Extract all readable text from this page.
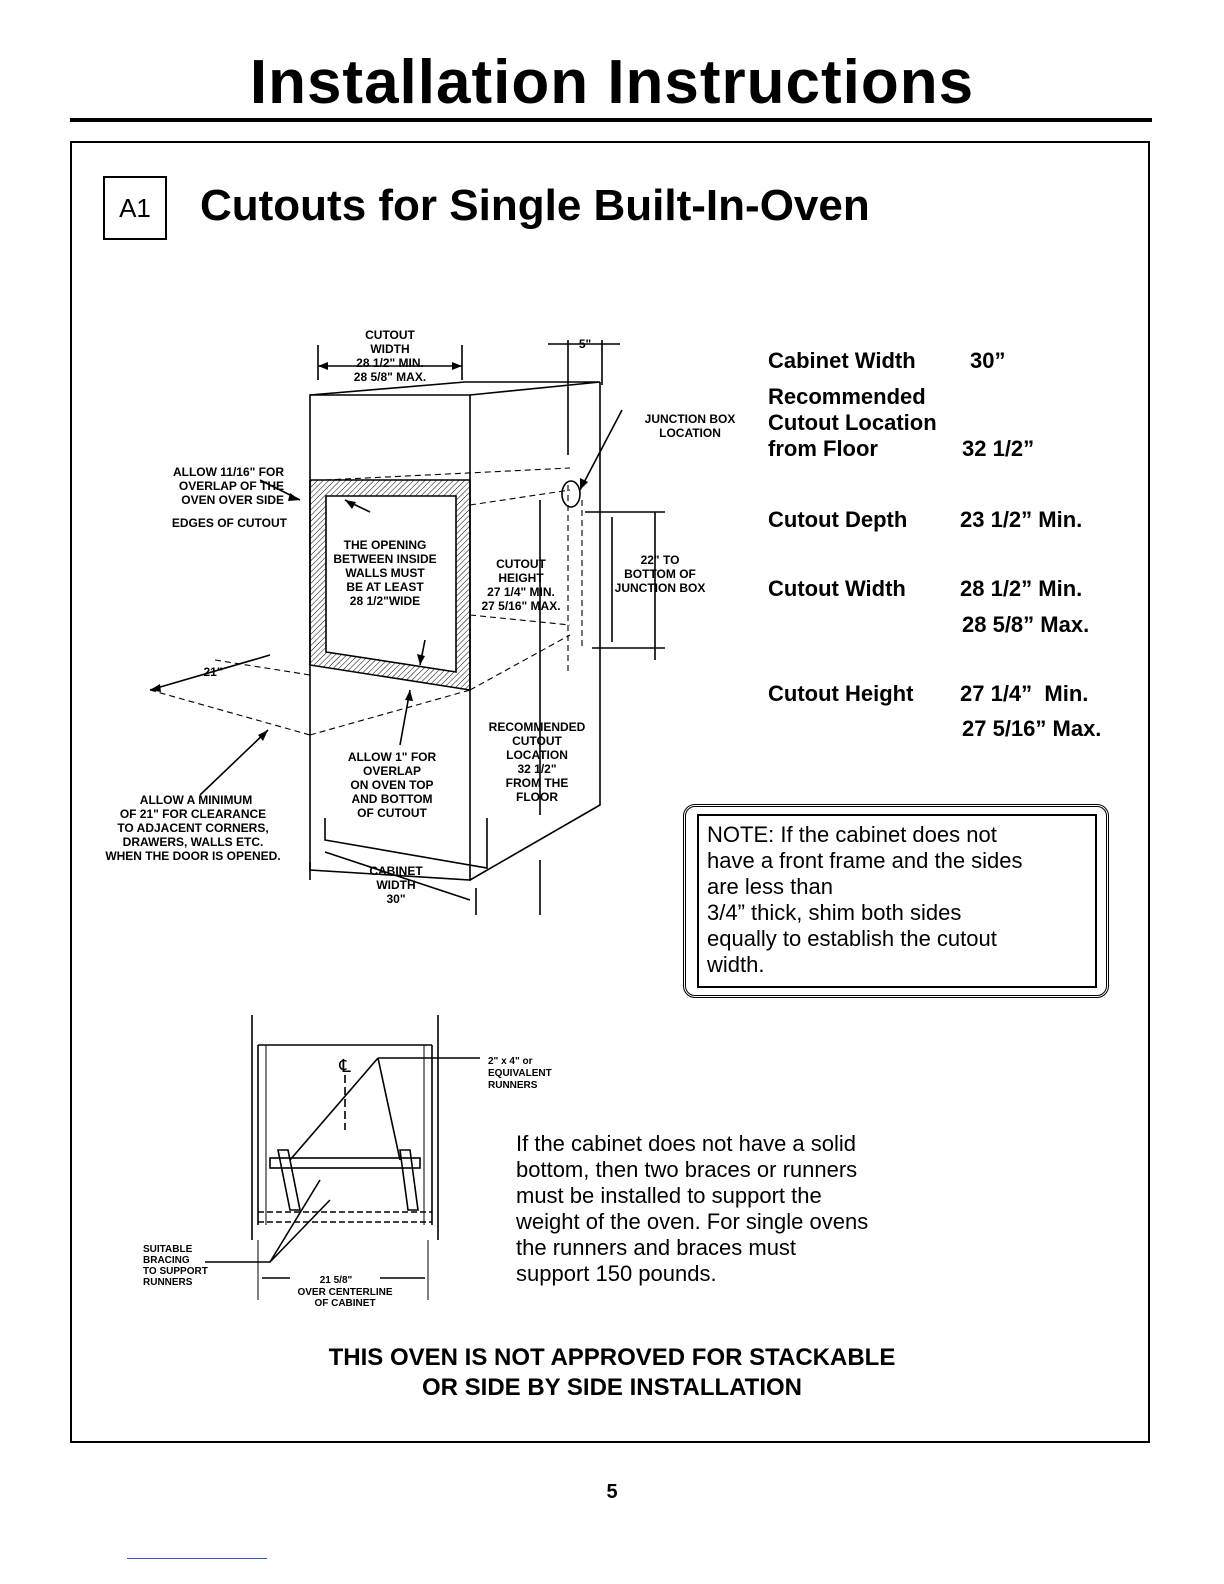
Installation Instructions
A1	Cutouts for Single Built-In-Oven
CUTOUT
WIDTH
28 1/2" MIN.
28 5/8" MAX.
5"
JUNCTION BOX
LOCATION
THE OPENING
BETWEEN INSIDE
WALLS MUST
BE AT LEAST
28 1/2"WIDE
CUTOUT
HEIGHT
27 1/4" MIN.
27 5/16" MAX.
22" TO
BOTTOM OF
JUNCTION BOX
21"
RECOMMENDED
CUTOUT
LOCATION
32 1/2"
FROM THE
FLOOR
ALLOW 1" FOR
OVERLAP
ON OVEN TOP
AND BOTTOM
OF CUTOUT
ALLOW A MINIMUM
OF 21" FOR CLEARANCE
TO ADJACENT CORNERS,
DRAWERS, WALLS ETC.
WHEN THE DOOR IS OPENED.
CABINET
WIDTH
30"
ALLOW 11/16" FOR
OVERLAP OF THE
OVEN OVER SIDE
EDGES OF CUTOUT
2" x 4" or
EQUIVALENT
RUNNERS
SUITABLE
BRACING
TO SUPPORT
RUNNERS	21 5/8"
OVER CENTERLINE
OF CABINET
℄
Cabinet Width 30”
Recommended
Cutout Location
from Floor	32 1/2”
Cutout Depth 23 1/2” Min.
Cutout Width 28 1/2” Min.
28 5/8” Max.
Cutout Height 27 1/4”  Min.
27 5/16” Max.
NOTE: If the cabinet does not
have a front frame and the sides
are less than
3/4” thick, shim both sides
equally to establish the cutout
width.
If the cabinet does not have a solid
bottom, then two braces or runners
must be installed to support the
weight of the oven. For single ovens
the runners and braces must
support 150 pounds.
THIS OVEN IS NOT APPROVED FOR STACKABLE
OR SIDE BY SIDE INSTALLATION
5
